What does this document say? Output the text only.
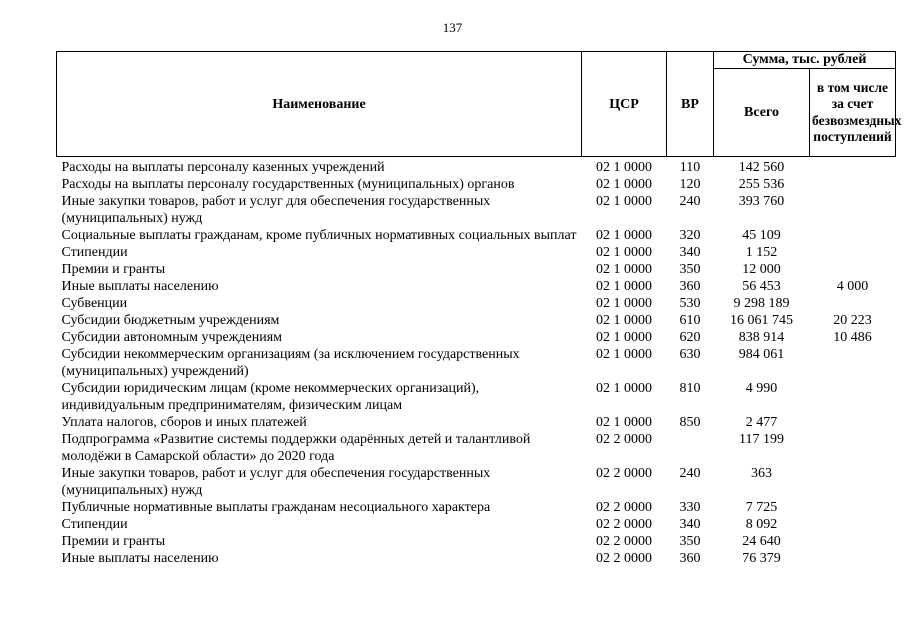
137
Наименование	ЦСР	ВР	Сумма, тыс. рублей	
			Всего	в том числе за счет безвозмездных поступлений
Расходы на выплаты персоналу казенных учреждений	02 1 0000	110	142 560	
Расходы на выплаты персоналу государственных (муниципальных) органов	02 1 0000	120	255 536	
Иные закупки товаров, работ и услуг для обеспечения государственных (муниципальных) нужд	02 1 0000	240	393 760	
Социальные выплаты гражданам, кроме публичных нормативных социальных выплат	02 1 0000	320	45 109	
Стипендии	02 1 0000	340	1 152	
Премии и гранты	02 1 0000	350	12 000	
Иные выплаты населению	02 1 0000	360	56 453	4 000
Субвенции	02 1 0000	530	9 298 189	
Субсидии бюджетным учреждениям	02 1 0000	610	16 061 745	20 223
Субсидии автономным учреждениям	02 1 0000	620	838 914	10 486
Субсидии некоммерческим организациям (за исключением государственных (муниципальных) учреждений)	02 1 0000	630	984 061	
Субсидии юридическим лицам (кроме некоммерческих организаций), индивидуальным предпринимателям, физическим лицам	02 1 0000	810	4 990	
Уплата налогов, сборов и иных платежей	02 1 0000	850	2 477	
Подпрограмма «Развитие системы поддержки одарённых детей и талантливой молодёжи в Самарской области» до 2020 года	02 2 0000		117 199	
Иные закупки товаров, работ и услуг для обеспечения государственных (муниципальных) нужд	02 2 0000	240	363	
Публичные нормативные выплаты гражданам несоциального характера	02 2 0000	330	7 725	
Стипендии	02 2 0000	340	8 092	
Премии и гранты	02 2 0000	350	24 640	
Иные выплаты населению	02 2 0000	360	76 379	
